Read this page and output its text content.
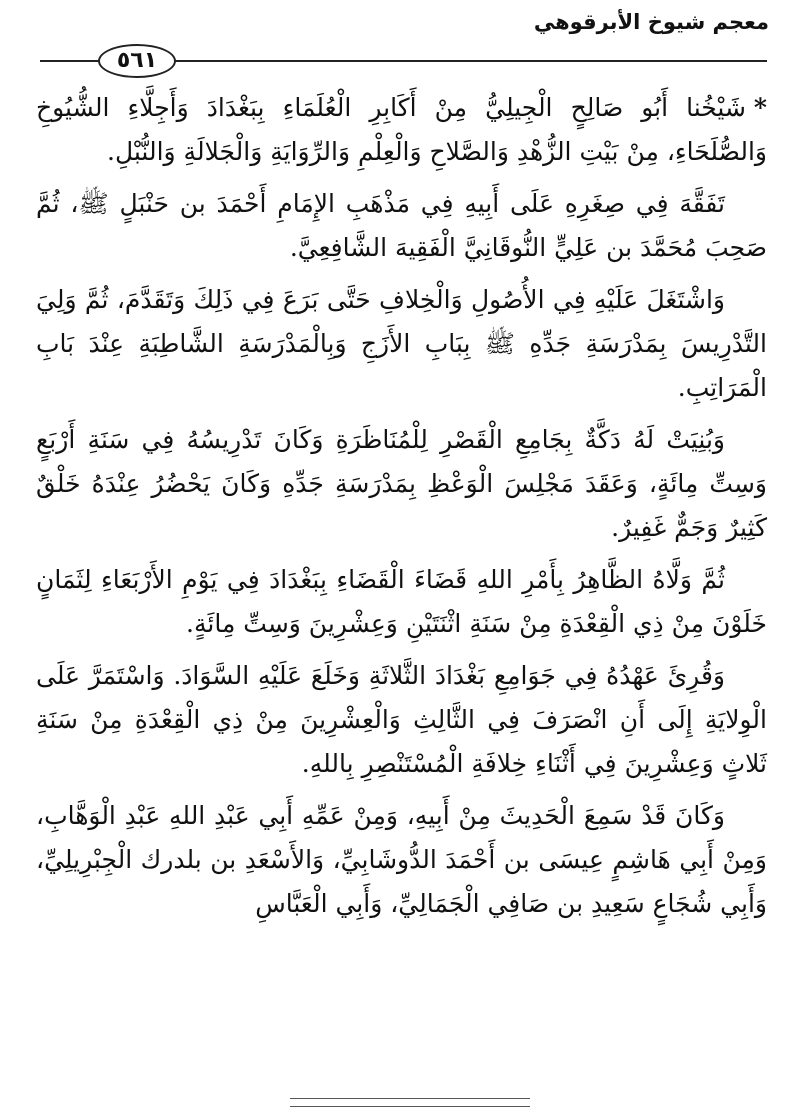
معجم شيوخ الأبرقوهي
٥٦١

*شَيْخُنا أَبُو صَالِحٍ الْجِيلِيُّ مِنْ أَكَابِرِ الْعُلَمَاءِ بِبَغْدَادَ وَأَجِلَّاءِ الشُّيُوخِ وَالصُّلَحَاءِ، مِنْ بَيْتِ الزُّهْدِ وَالصَّلاحِ وَالْعِلْمِ وَالرِّوَايَةِ وَالْجَلالَةِ وَالنُّبْلِ.

تَفَقَّهَ فِي صِغَرِهِ عَلَى أَبِيهِ فِي مَذْهَبِ الإِمَامِ أَحْمَدَ بن حَنْبَلٍ ﷺ، ثُمَّ صَحِبَ مُحَمَّدَ بن عَلِيٍّ النُّوقَانِيَّ الْفَقِيهَ الشَّافِعِيَّ.

وَاشْتَغَلَ عَلَيْهِ فِي الأُصُولِ وَالْخِلافِ حَتَّى بَرَعَ فِي ذَلِكَ وَتَقَدَّمَ، ثُمَّ وَلِيَ التَّدْرِيسَ بِمَدْرَسَةِ جَدِّهِ ﷺ بِبَابِ الأَزَجِ وَبِالْمَدْرَسَةِ الشَّاطِبَةِ عِنْدَ بَابِ الْمَرَاتِبِ.

وَبُنِيَتْ لَهُ دَكَّةٌ بِجَامِعِ الْقَصْرِ لِلْمُنَاظَرَةِ وَكَانَ تَدْرِيسُهُ فِي سَنَةِ أَرْبَعٍ وَسِتِّ مِائَةٍ، وَعَقَدَ مَجْلِسَ الْوَعْظِ بِمَدْرَسَةِ جَدِّهِ وَكَانَ يَحْضُرُ عِنْدَهُ خَلْقٌ كَثِيرٌ وَجَمٌّ غَفِيرٌ.

ثُمَّ وَلَّاهُ الظَّاهِرُ بِأَمْرِ اللهِ قَضَاءَ الْقَضَاءِ بِبَغْدَادَ فِي يَوْمِ الأَرْبَعَاءِ لِثَمَانٍ خَلَوْنَ مِنْ ذِي الْقِعْدَةِ مِنْ سَنَةِ اثْنَتَيْنِ وَعِشْرِينَ وَسِتِّ مِائَةٍ.

وَقُرِئَ عَهْدُهُ فِي جَوَامِعِ بَغْدَادَ الثَّلاثَةِ وَخَلَعَ عَلَيْهِ السَّوَادَ. وَاسْتَمَرَّ عَلَى الْوِلايَةِ إِلَى أَنِ انْصَرَفَ فِي الثَّالِثِ وَالْعِشْرِينَ مِنْ ذِي الْقِعْدَةِ مِنْ سَنَةِ ثَلاثٍ وَعِشْرِينَ فِي أَثْنَاءِ خِلافَةِ الْمُسْتَنْصِرِ بِاللهِ.

وَكَانَ قَدْ سَمِعَ الْحَدِيثَ مِنْ أَبِيهِ، وَمِنْ عَمِّهِ أَبِي عَبْدِ اللهِ عَبْدِ الْوَهَّابِ، وَمِنْ أَبِي هَاشِمٍ عِيسَى بن أَحْمَدَ الدُّوشَابِيِّ، وَالأَسْعَدِ بن بلدرك الْجِبْرِيلِيِّ، وَأَبِي شُجَاعٍ سَعِيدِ بن صَافِي الْجَمَالِيِّ، وَأَبِي الْعَبَّاسِ
